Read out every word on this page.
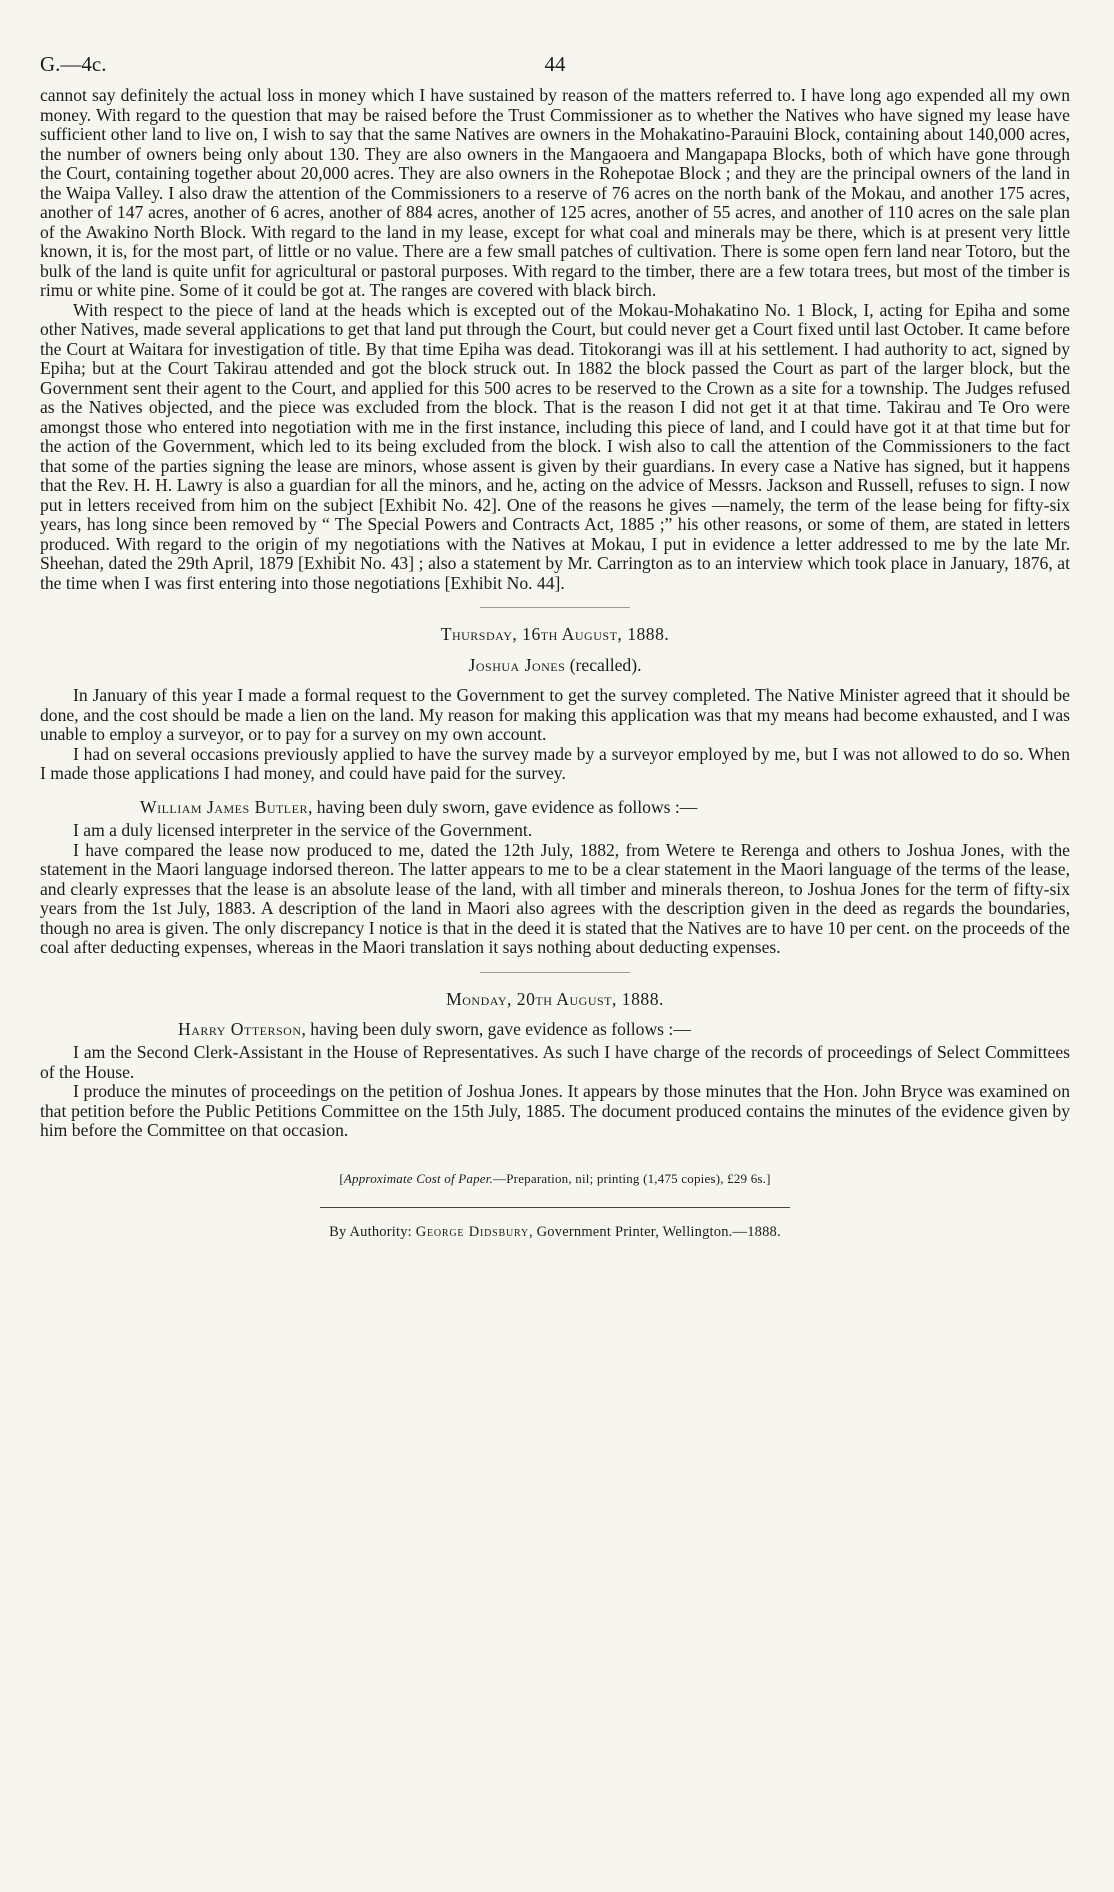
G.—4c.	44

cannot say definitely the actual loss in money which I have sustained by reason of the matters referred to. I have long ago expended all my own money. With regard to the question that may be raised before the Trust Commissioner as to whether the Natives who have signed my lease have sufficient other land to live on, I wish to say that the same Natives are owners in the Mohakatino-Parauini Block, containing about 140,000 acres, the number of owners being only about 130. They are also owners in the Mangaoera and Mangapapa Blocks, both of which have gone through the Court, containing together about 20,000 acres. They are also owners in the Rohepotae Block ; and they are the principal owners of the land in the Waipa Valley. I also draw the attention of the Commissioners to a reserve of 76 acres on the north bank of the Mokau, and another 175 acres, another of 147 acres, another of 6 acres, another of 884 acres, another of 125 acres, another of 55 acres, and another of 110 acres on the sale plan of the Awakino North Block. With regard to the land in my lease, except for what coal and minerals may be there, which is at present very little known, it is, for the most part, of little or no value. There are a few small patches of cultivation. There is some open fern land near Totoro, but the bulk of the land is quite unfit for agricultural or pastoral purposes. With regard to the timber, there are a few totara trees, but most of the timber is rimu or white pine. Some of it could be got at. The ranges are covered with black birch.

With respect to the piece of land at the heads which is excepted out of the Mokau-Mohakatino No. 1 Block, I, acting for Epiha and some other Natives, made several applications to get that land put through the Court, but could never get a Court fixed until last October. It came before the Court at Waitara for investigation of title. By that time Epiha was dead. Titokorangi was ill at his settlement. I had authority to act, signed by Epiha; but at the Court Takirau attended and got the block struck out. In 1882 the block passed the Court as part of the larger block, but the Government sent their agent to the Court, and applied for this 500 acres to be reserved to the Crown as a site for a township. The Judges refused as the Natives objected, and the piece was excluded from the block. That is the reason I did not get it at that time. Takirau and Te Oro were amongst those who entered into negotiation with me in the first instance, including this piece of land, and I could have got it at that time but for the action of the Government, which led to its being excluded from the block. I wish also to call the attention of the Commissioners to the fact that some of the parties signing the lease are minors, whose assent is given by their guardians. In every case a Native has signed, but it happens that the Rev. H. H. Lawry is also a guardian for all the minors, and he, acting on the advice of Messrs. Jackson and Russell, refuses to sign. I now put in letters received from him on the subject [Exhibit No. 42]. One of the reasons he gives —namely, the term of the lease being for fifty-six years, has long since been removed by “ The Special Powers and Contracts Act, 1885 ;” his other reasons, or some of them, are stated in letters produced. With regard to the origin of my negotiations with the Natives at Mokau, I put in evidence a letter addressed to me by the late Mr. Sheehan, dated the 29th April, 1879 [Exhibit No. 43] ; also a statement by Mr. Carrington as to an interview which took place in January, 1876, at the time when I was first entering into those negotiations [Exhibit No. 44].

Thursday, 16th August, 1888.
Joshua Jones (recalled).

In January of this year I made a formal request to the Government to get the survey completed. The Native Minister agreed that it should be done, and the cost should be made a lien on the land. My reason for making this application was that my means had become exhausted, and I was unable to employ a surveyor, or to pay for a survey on my own account.

I had on several occasions previously applied to have the survey made by a surveyor employed by me, but I was not allowed to do so. When I made those applications I had money, and could have paid for the survey.

William James Butler, having been duly sworn, gave evidence as follows :—

I am a duly licensed interpreter in the service of the Government.

I have compared the lease now produced to me, dated the 12th July, 1882, from Wetere te Rerenga and others to Joshua Jones, with the statement in the Maori language indorsed thereon. The latter appears to me to be a clear statement in the Maori language of the terms of the lease, and clearly expresses that the lease is an absolute lease of the land, with all timber and minerals thereon, to Joshua Jones for the term of fifty-six years from the 1st July, 1883. A description of the land in Maori also agrees with the description given in the deed as regards the boundaries, though no area is given. The only discrepancy I notice is that in the deed it is stated that the Natives are to have 10 per cent. on the proceeds of the coal after deducting expenses, whereas in the Maori translation it says nothing about deducting expenses.

Monday, 20th August, 1888.
Harry Otterson, having been duly sworn, gave evidence as follows :—

I am the Second Clerk-Assistant in the House of Representatives. As such I have charge of the records of proceedings of Select Committees of the House.

I produce the minutes of proceedings on the petition of Joshua Jones. It appears by those minutes that the Hon. John Bryce was examined on that petition before the Public Petitions Committee on the 15th July, 1885. The document produced contains the minutes of the evidence given by him before the Committee on that occasion.

[Approximate Cost of Paper.—Preparation, nil; printing (1,475 copies), £29 6s.]
By Authority: George Didsbury, Government Printer, Wellington.—1888.
